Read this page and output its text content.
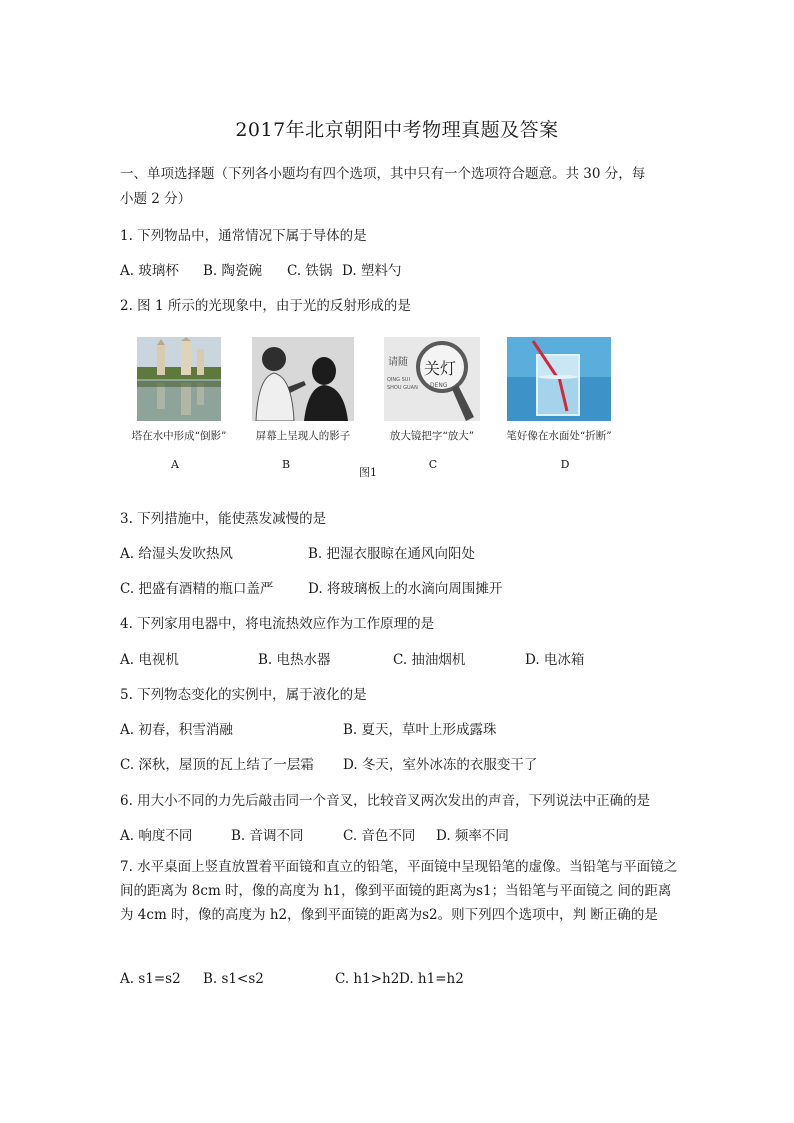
2017年北京朝阳中考物理真题及答案
一、单项选择题（下列各小题均有四个选项，其中只有一个选项符合题意。共 30 分，每
小题 2 分）
1. 下列物品中，通常情况下属于导体的是
A. 玻璃杯 B. 陶瓷碗 C. 铁锅 D. 塑料勺
2. 图 1 所示的光现象中，由于光的反射形成的是
请随
QING SUI
SHOU GUAN
关灯
DENG
塔在水中形成“倒影”	屏幕上呈现人的影子	放大镜把字“放大”	笔好像在水面处“折断”
A	B
图1
C	D
3. 下列措施中，能使蒸发减慢的是
A. 给湿头发吹热风	B. 把湿衣服晾在通风向阳处
C. 把盛有酒精的瓶口盖严	D. 将玻璃板上的水滴向周围摊开
4. 下列家用电器中，将电流热效应作为工作原理的是
A. 电视机	B. 电热水器	C. 抽油烟机	D. 电冰箱
5. 下列物态变化的实例中，属于液化的是
A. 初春，积雪消融	B. 夏天，草叶上形成露珠
C. 深秋，屋顶的瓦上结了一层霜 D. 冬天，室外冰冻的衣服变干了
6. 用大小不同的力先后敲击同一个音叉，比较音叉两次发出的声音，下列说法中正确的是
A. 响度不同	B. 音调不同	C. 音色不同 D. 频率不同
7. 水平桌面上竖直放置着平面镜和直立的铅笔，平面镜中呈现铅笔的虚像。当铅笔与平面镜之间的距离为 8cm 时，像的高度为 h1，像到平面镜的距离为s1；当铅笔与平面镜之 间的距离为 4cm 时，像的高度为 h2，像到平面镜的距离为s2。则下列四个选项中，判 断正确的是
A. s1=s2 B. s1<s2	C. h1>h2 D. h1=h2
